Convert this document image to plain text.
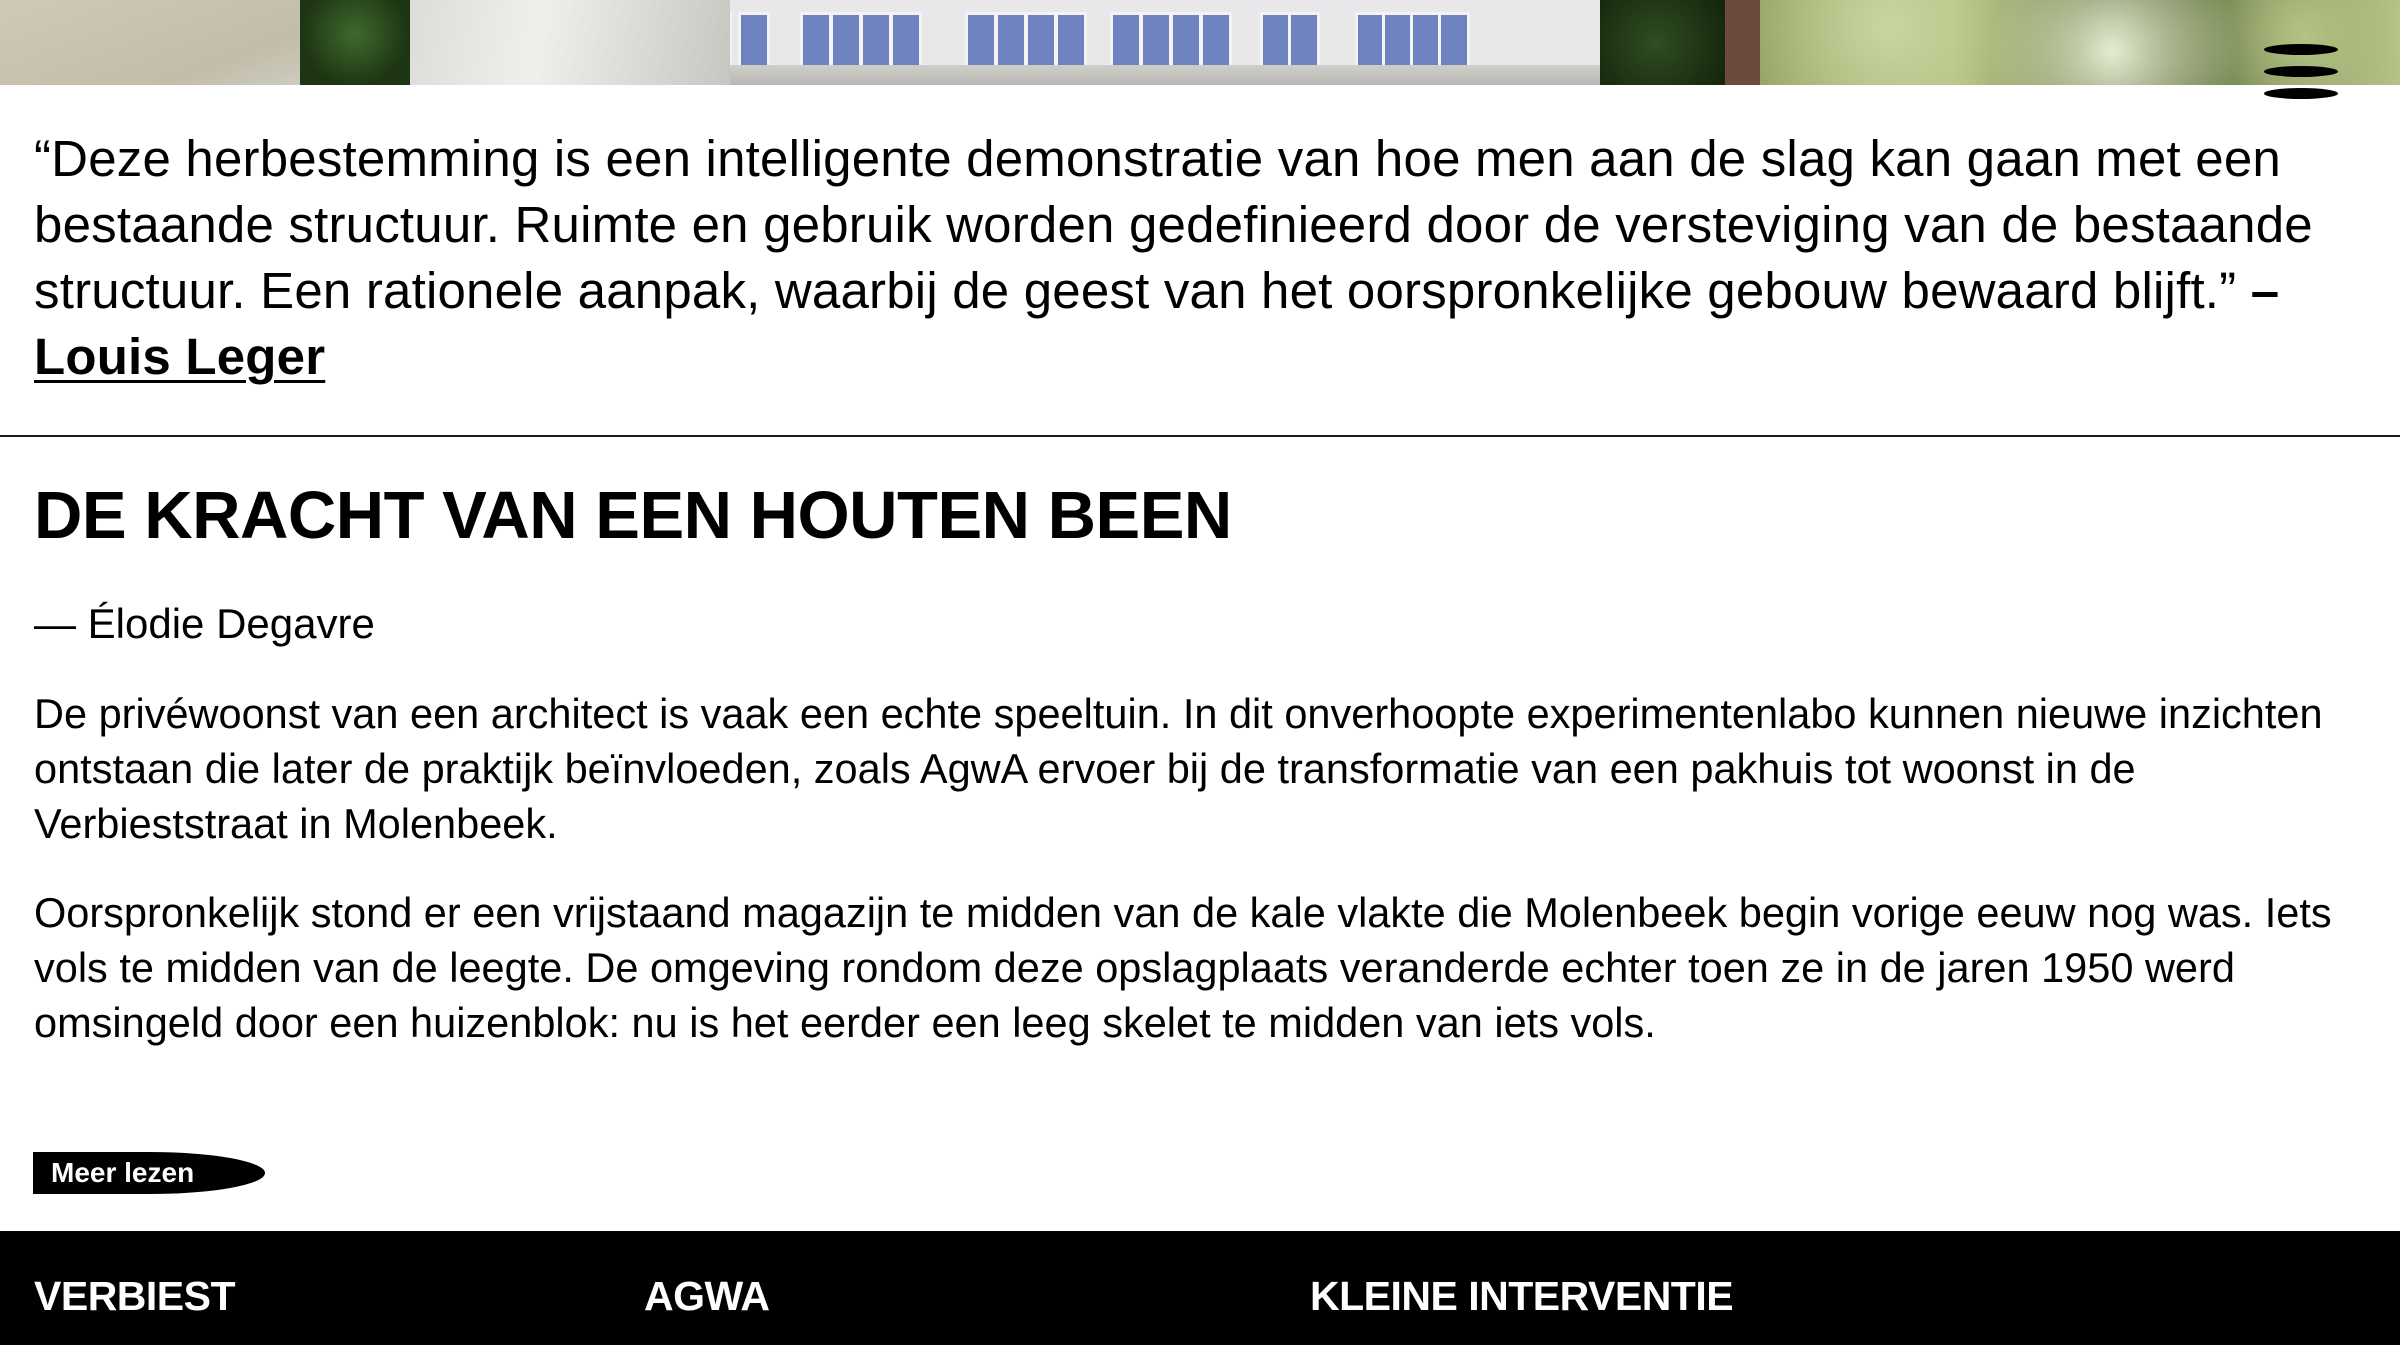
“Deze herbestemming is een intelligente demonstratie van hoe men aan de slag kan gaan met een bestaande structuur. Ruimte en gebruik worden gedefinieerd door de versteviging van de bestaande structuur. Een rationele aanpak, waarbij de geest van het oorspronkelijke gebouw bewaard blijft.” – Louis Leger
DE KRACHT VAN EEN HOUTEN BEEN
— Élodie Degavre

De privéwoonst van een architect is vaak een echte speeltuin. In dit onverhoopte experimentenlabo kunnen nieuwe inzichten ontstaan die later de praktijk beïnvloeden, zoals AgwA ervoer bij de transformatie van een pakhuis tot woonst in de Verbieststraat in Molenbeek.

Oorspronkelijk stond er een vrijstaand magazijn te midden van de kale vlakte die Molenbeek begin vorige eeuw nog was. Iets vols te midden van de leegte. De omgeving rondom deze opslagplaats veranderde echter toen ze in de jaren 1950 werd omsingeld door een huizenblok: nu is het eerder een leeg skelet te midden van iets vols.

Meer lezen
VERBIEST	AGWA	KLEINE INTERVENTIE
